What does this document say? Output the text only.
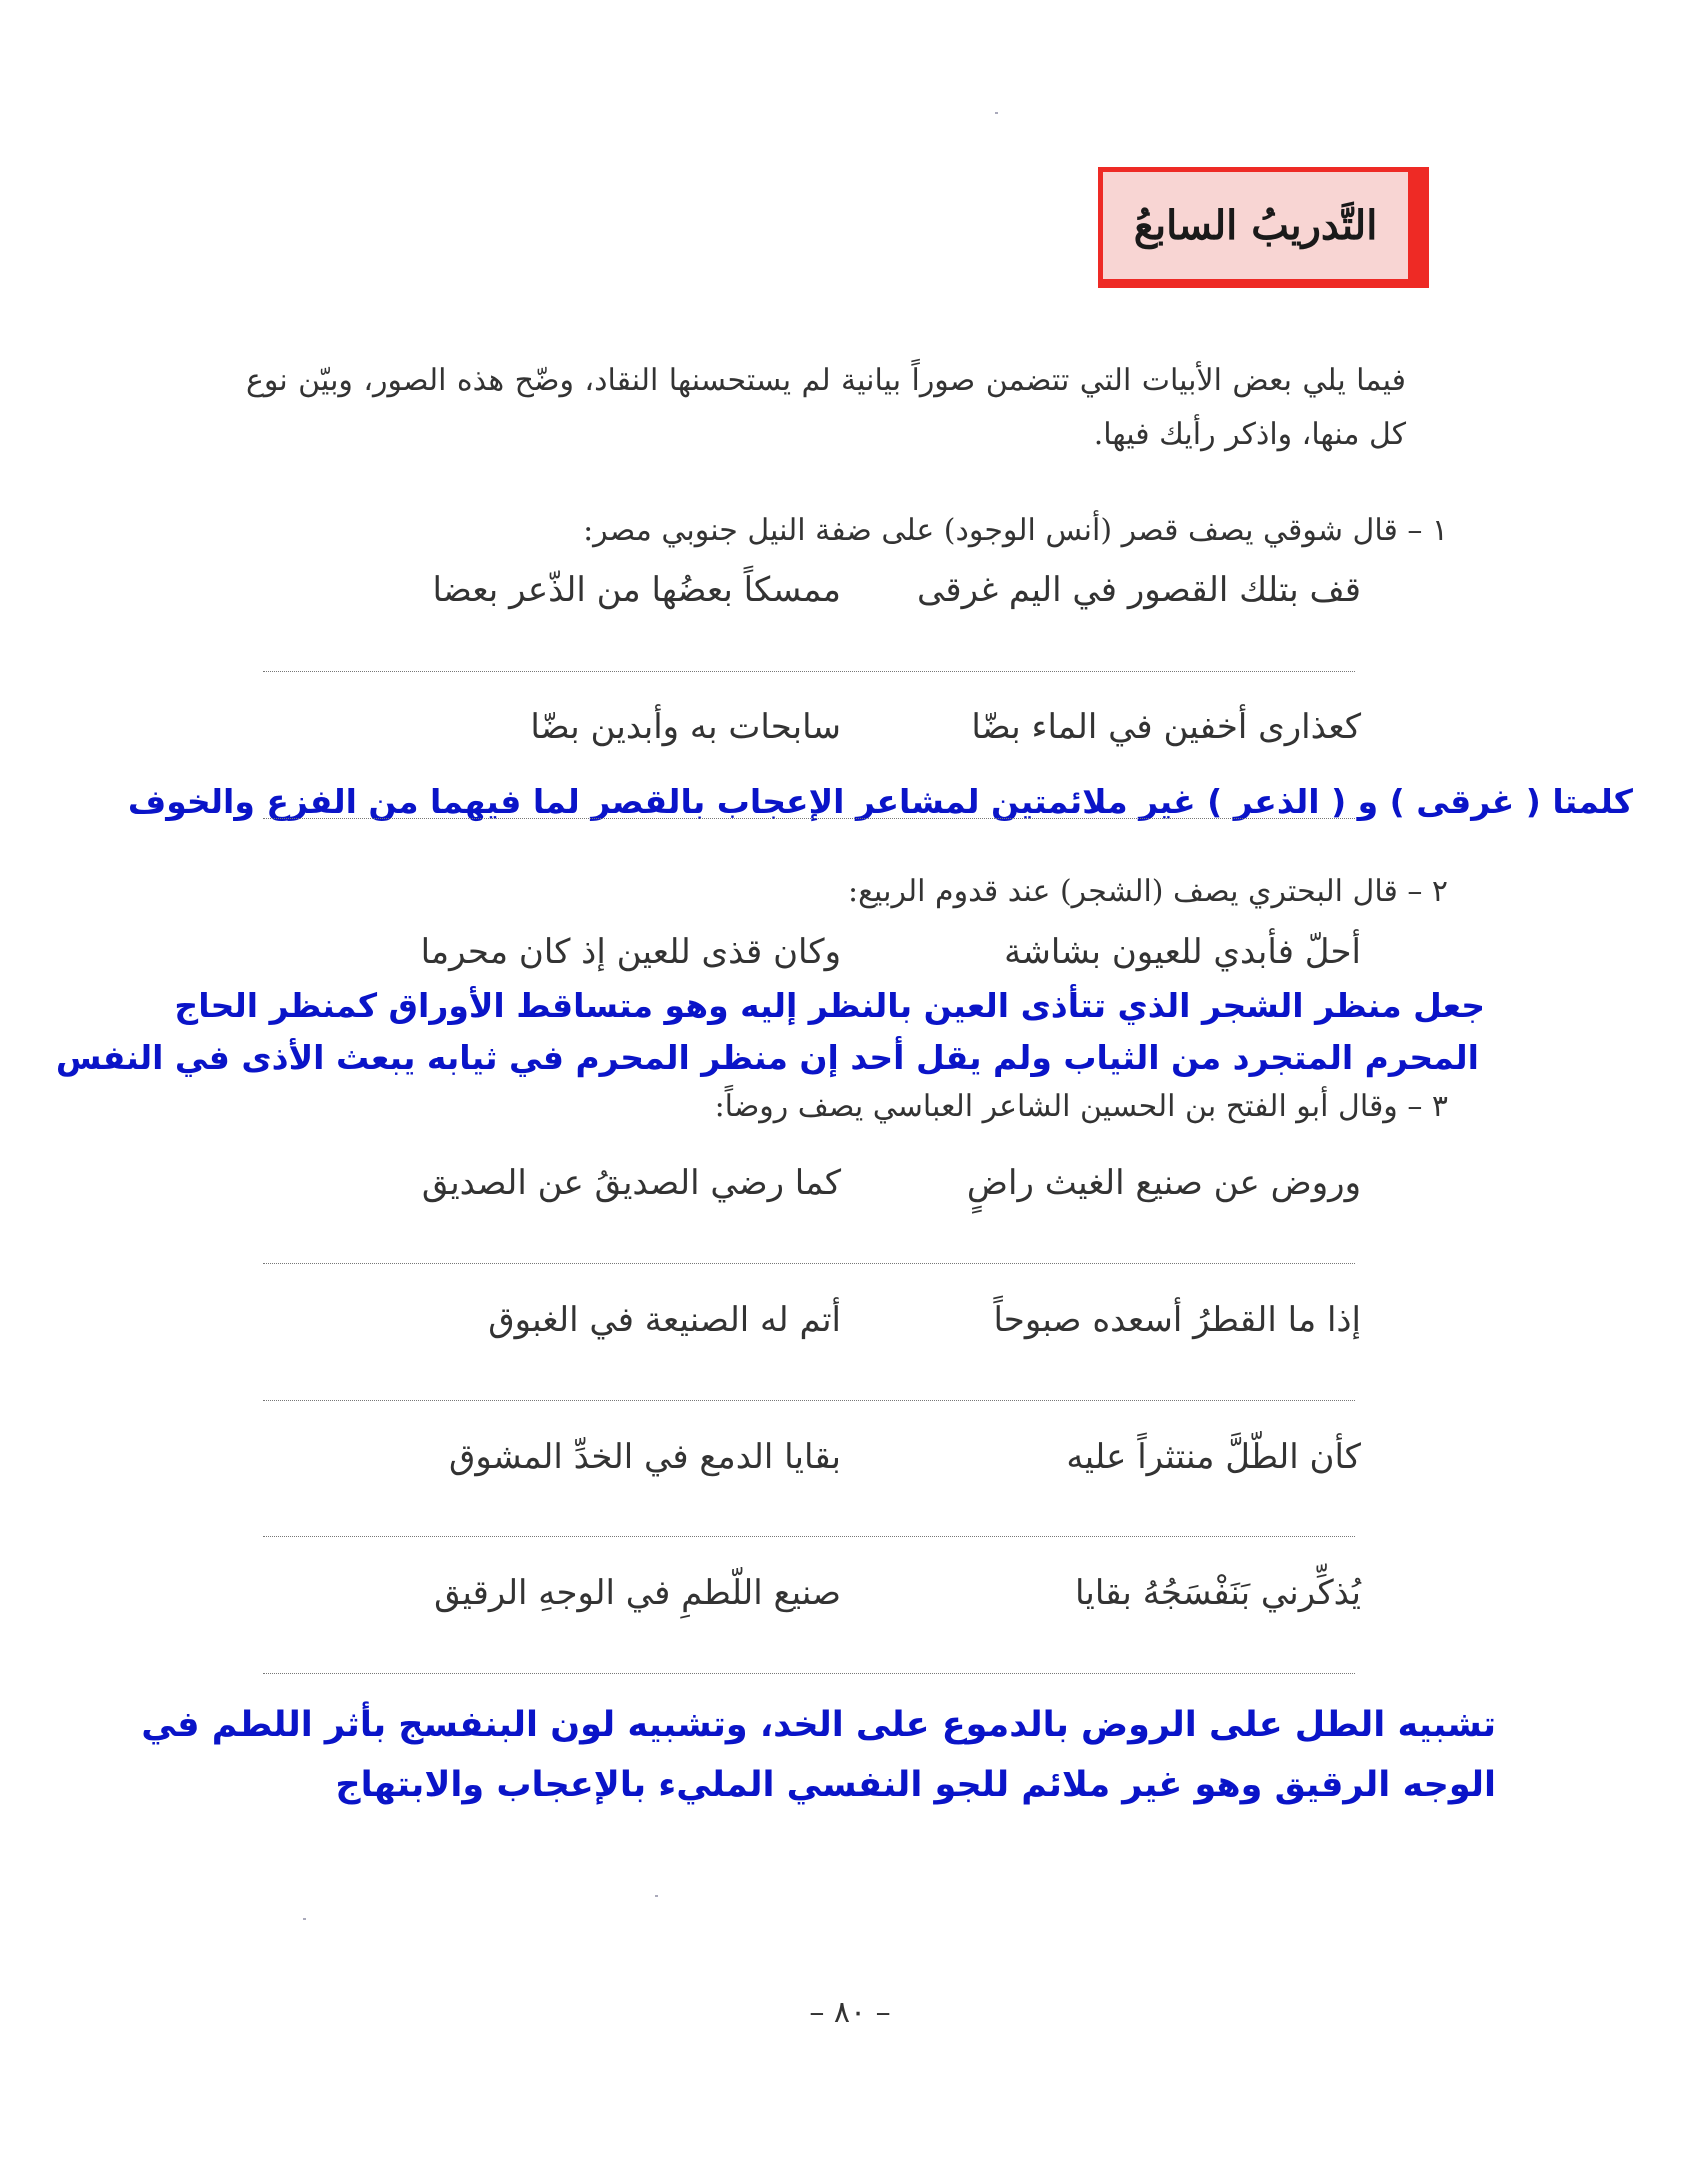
التَّدريبُ السابعُ
فيما يلي بعض الأبيات التي تتضمن صوراً بيانية لم يستحسنها النقاد، وضّح هذه الصور، وبيّن نوع كل منها، واذكر رأيك فيها.
١ – قال شوقي يصف قصر (أنس الوجود) على ضفة النيل جنوبي مصر:
قف بتلك القصور في اليم غرقى
ممسكاً بعضُها من الذّعر بعضا
كعذارى أخفين في الماء بضّا
سابحات به وأبدين بضّا
كلمتا ( غرقى ) و ( الذعر ) غير ملائمتين لمشاعر الإعجاب بالقصر لما فيهما من الفزع والخوف
٢ – قال البحتري يصف (الشجر) عند قدوم الربيع:
أحلّ فأبدي للعيون بشاشة
وكان قذى للعين إذ كان محرما
جعل منظر الشجر الذي تتأذى العين بالنظر إليه وهو متساقط الأوراق كمنظر الحاج
المحرم المتجرد من الثياب ولم يقل أحد إن منظر المحرم في ثيابه يبعث الأذى في النفس
٣ – وقال أبو الفتح بن الحسين الشاعر العباسي يصف روضاً:
وروض عن صنيع الغيث راضٍ
كما رضي الصديقُ عن الصديق
إذا ما القطرُ أسعده صبوحاً
أتم له الصنيعة في الغبوق
كأن الطّلَّ منتثراً عليه
بقايا الدمع في الخدِّ المشوق
يُذكِّرني بَنَفْسَجُهُ بقايا
صنيع اللّطمِ في الوجهِ الرقيق
تشبيه الطل على الروض بالدموع على الخد، وتشبيه لون البنفسج بأثر اللطم في
الوجه الرقيق وهو غير ملائم للجو النفسي المليء بالإعجاب والابتهاج
– ٨٠ –
